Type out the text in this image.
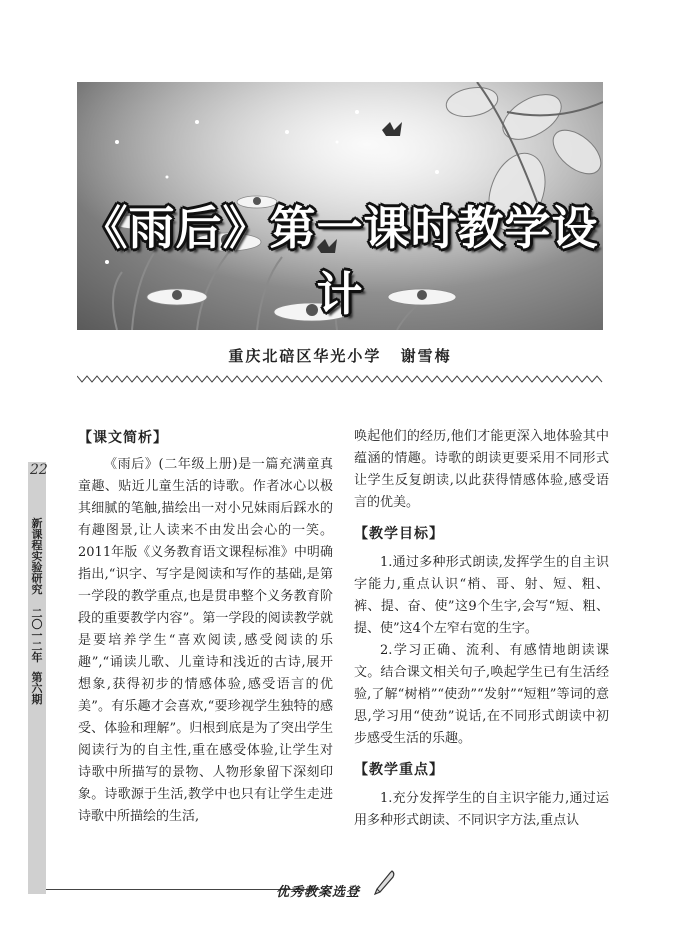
《雨后》第一课时教学设计
重庆北碚区华光小学 谢雪梅
22
新课程实验研究
二〇一二年
第六期
【课文简析】

《雨后》(二年级上册)是一篇充满童真童趣、贴近儿童生活的诗歌。作者冰心以极其细腻的笔触,描绘出一对小兄妹雨后踩水的有趣图景,让人读来不由发出会心的一笑。2011年版《义务教育语文课程标准》中明确指出,“识字、写字是阅读和写作的基础,是第一学段的教学重点,也是贯串整个义务教育阶段的重要教学内容”。第一学段的阅读教学就是要培养学生“喜欢阅读,感受阅读的乐趣”,“诵读儿歌、儿童诗和浅近的古诗,展开想象,获得初步的情感体验,感受语言的优美”。有乐趣才会喜欢,“要珍视学生独特的感受、体验和理解”。归根到底是为了突出学生阅读行为的自主性,重在感受体验,让学生对诗歌中所描写的景物、人物形象留下深刻印象。诗歌源于生活,教学中也只有让学生走进诗歌中所描绘的生活,

唤起他们的经历,他们才能更深入地体验其中蕴涵的情趣。诗歌的朗读更要采用不同形式让学生反复朗读,以此获得情感体验,感受语言的优美。

【教学目标】

1.通过多种形式朗读,发挥学生的自主识字能力,重点认识“梢、哥、射、短、粗、裤、提、奋、使”这9个生字,会写“短、粗、提、使”这4个左窄右宽的生字。

2.学习正确、流利、有感情地朗读课文。结合课文相关句子,唤起学生已有生活经验,了解“树梢”“使劲”“发射”“短粗”等词的意思,学习用“使劲”说话,在不同形式朗读中初步感受生活的乐趣。

【教学重点】

1.充分发挥学生的自主识字能力,通过运用多种形式朗读、不同识字方法,重点认

优秀教案选登
